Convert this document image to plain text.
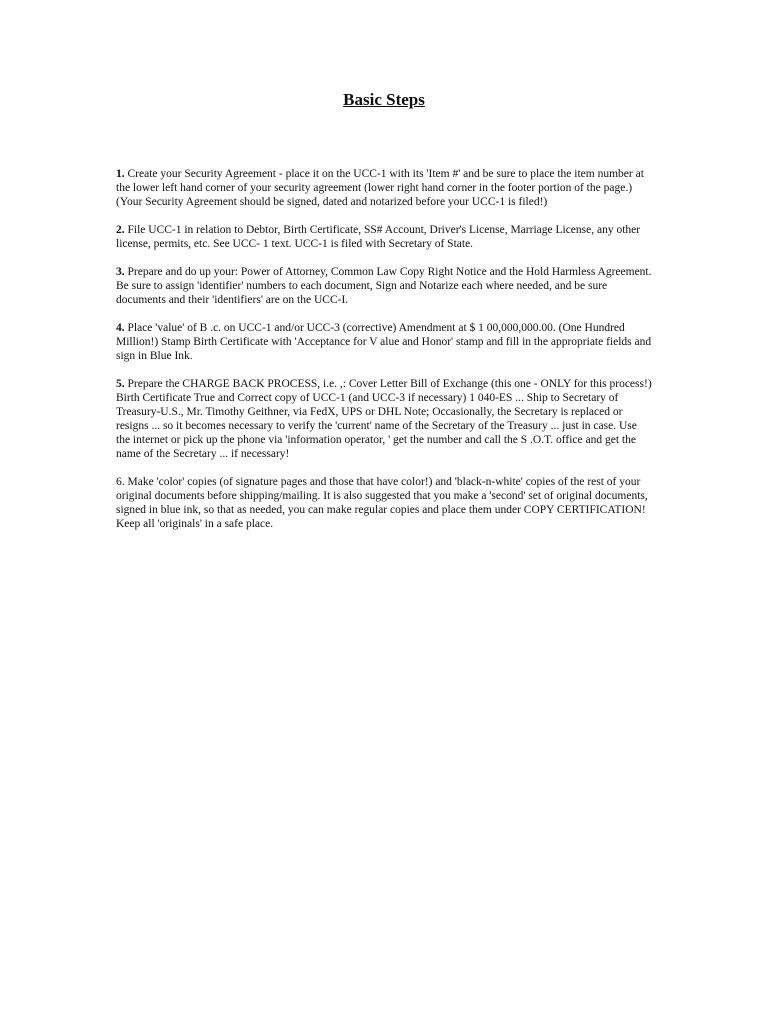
Basic Steps

1. Create your Security Agreement - place it on the UCC-1 with its 'Item #' and be sure to place the item number at the lower left hand corner of your security agreement (lower right hand corner in the footer portion of the page.) (Your Security Agreement should be signed, dated and notarized before your UCC-1 is filed!)

2. File UCC-1 in relation to Debtor, Birth Certificate, SS# Account, Driver's License, Marriage License, any other license, permits, etc. See UCC- 1 text. UCC-1 is filed with Secretary of State.

3. Prepare and do up your: Power of Attorney, Common Law Copy Right Notice and the Hold Harmless Agreement. Be sure to assign 'identifier' numbers to each document, Sign and Notarize each where needed, and be sure documents and their 'identifiers' are on the UCC-I.

4. Place 'value' of B .c. on UCC-1 and/or UCC-3 (corrective) Amendment at $ 1 00,000,000.00. (One Hundred Million!) Stamp Birth Certificate with 'Acceptance for V alue and Honor' stamp and fill in the appropriate fields and sign in Blue Ink.

5. Prepare the CHARGE BACK PROCESS, i.e. ,: Cover Letter Bill of Exchange (this one - ONLY for this process!) Birth Certificate True and Correct copy of UCC-1 (and UCC-3 if necessary) 1 040-ES ... Ship to Secretary of Treasury-U.S., Mr. Timothy Geithner, via FedX, UPS or DHL Note; Occasionally, the Secretary is replaced or resigns ... so it becomes necessary to verify the 'current' name of the Secretary of the Treasury ... just in case. Use the internet or pick up the phone via 'information operator, ' get the number and call the S .O.T. office and get the name of the Secretary ... if necessary!

6. Make 'color' copies (of signature pages and those that have color!) and 'black-n-white' copies of the rest of your original documents before shipping/mailing. It is also suggested that you make a 'second' set of original documents, signed in blue ink, so that as needed, you can make regular copies and place them under COPY CERTIFICATION! Keep all 'originals' in a safe place.
